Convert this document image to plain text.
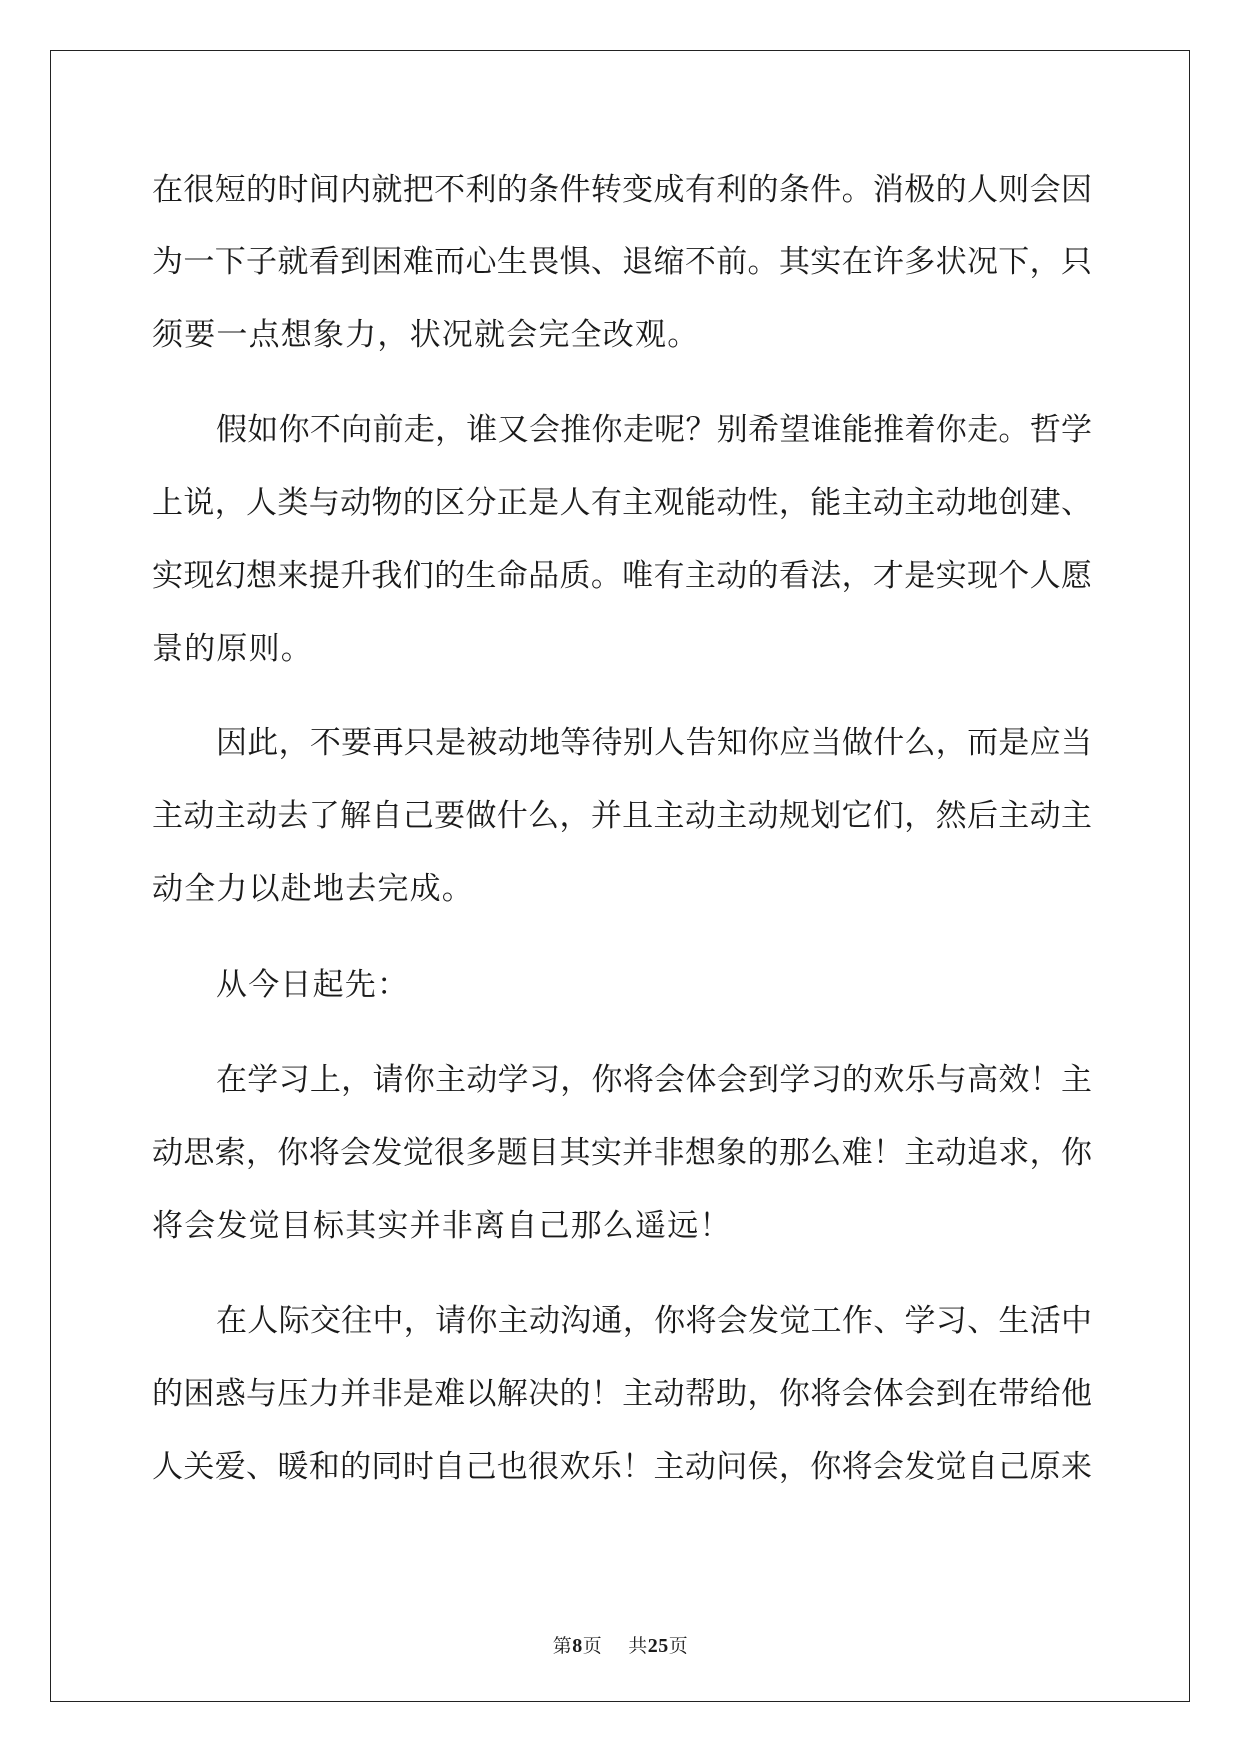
在很短的时间内就把不利的条件转变成有利的条件。消极的人则会因
为一下子就看到困难而心生畏惧、退缩不前。其实在许多状况下，只
须要一点想象力，状况就会完全改观。
假如你不向前走，谁又会推你走呢？别希望谁能推着你走。哲学
上说，人类与动物的区分正是人有主观能动性，能主动主动地创建、
实现幻想来提升我们的生命品质。唯有主动的看法，才是实现个人愿
景的原则。
因此，不要再只是被动地等待别人告知你应当做什么，而是应当
主动主动去了解自己要做什么，并且主动主动规划它们，然后主动主
动全力以赴地去完成。
从今日起先：
在学习上，请你主动学习，你将会体会到学习的欢乐与高效！主
动思索，你将会发觉很多题目其实并非想象的那么难！主动追求，你
将会发觉目标其实并非离自己那么遥远！
在人际交往中，请你主动沟通，你将会发觉工作、学习、生活中
的困惑与压力并非是难以解决的！主动帮助，你将会体会到在带给他
人关爱、暖和的同时自己也很欢乐！主动问侯，你将会发觉自己原来
第8页 共25页
